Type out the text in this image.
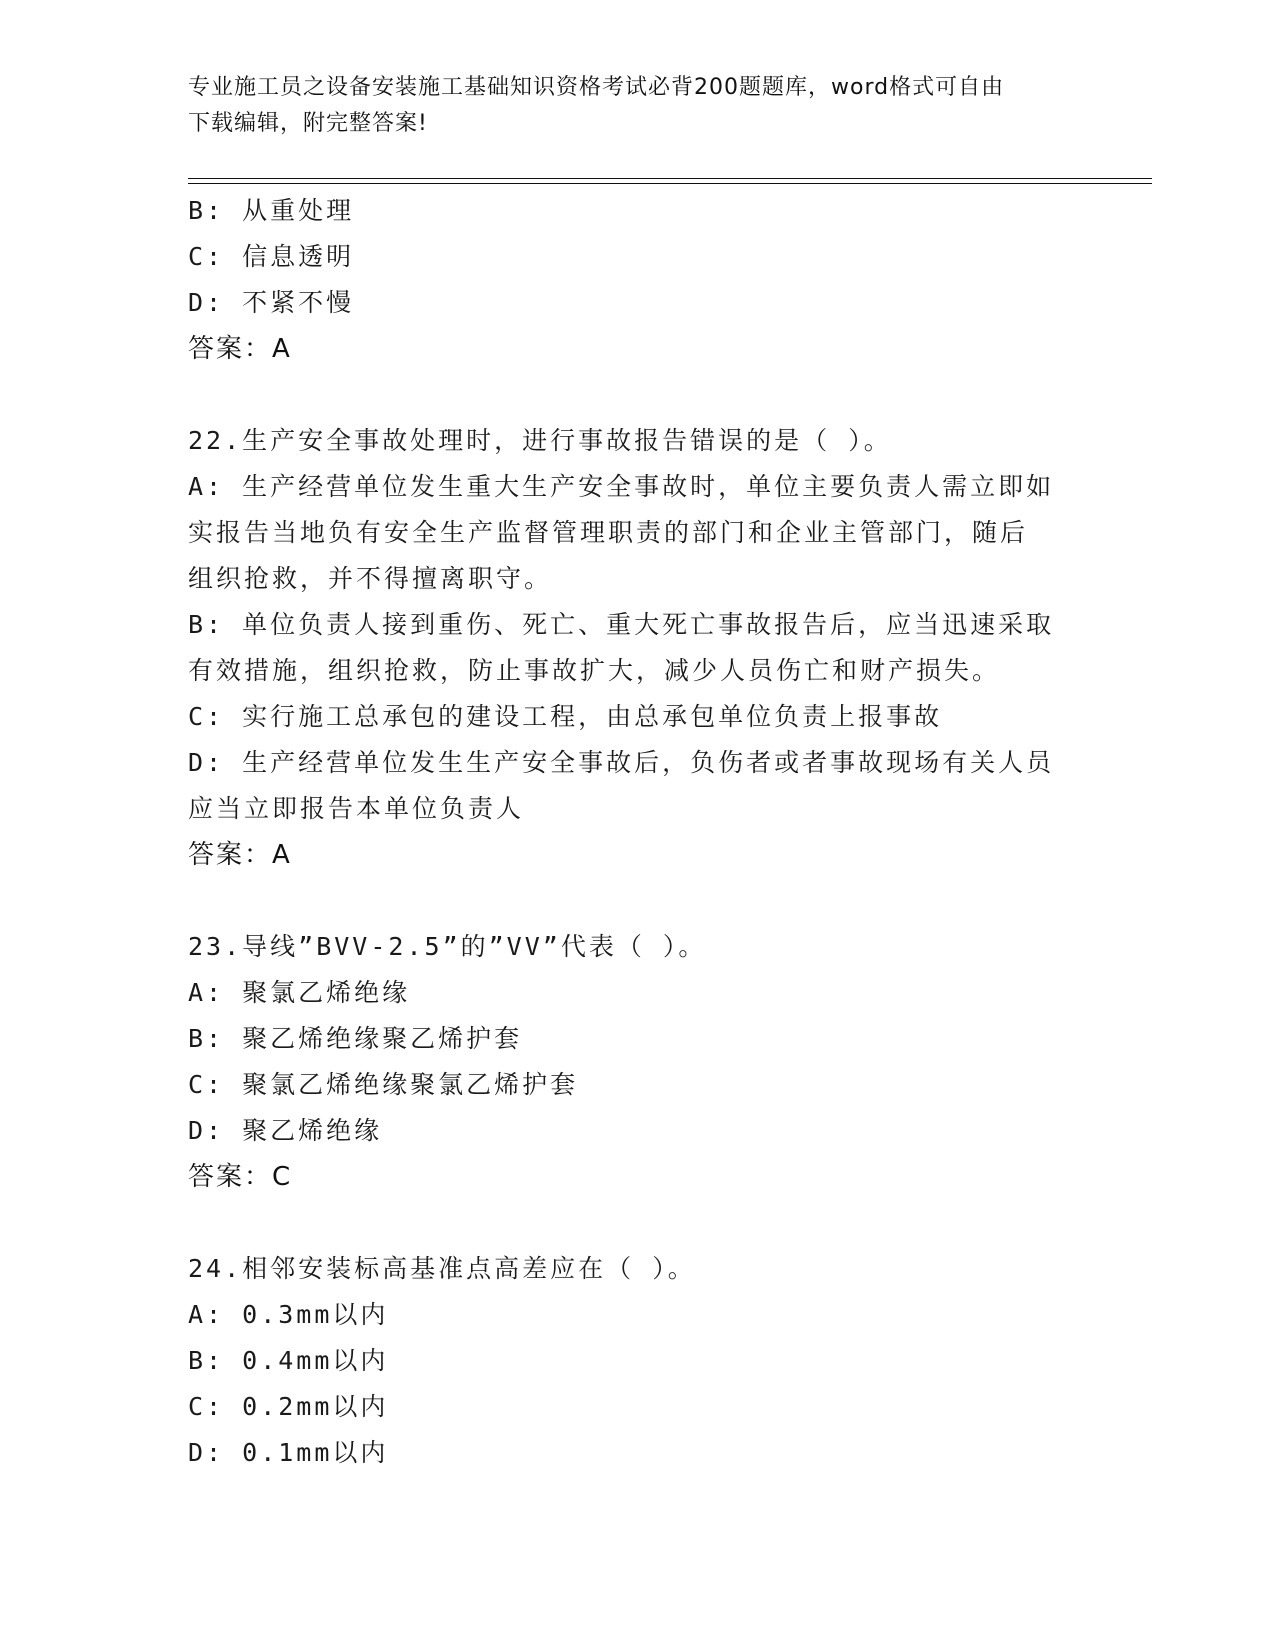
专业施工员之设备安装施工基础知识资格考试必背200题题库，word格式可自由
下载编辑，附完整答案!
B: 从重处理
C: 信息透明
D: 不紧不慢
答案：A
22.生产安全事故处理时，进行事故报告错误的是（ ）。
A: 生产经营单位发生重大生产安全事故时，单位主要负责人需立即如
实报告当地负有安全生产监督管理职责的部门和企业主管部门，随后
组织抢救，并不得擅离职守。
B: 单位负责人接到重伤、死亡、重大死亡事故报告后，应当迅速采取
有效措施，组织抢救，防止事故扩大，减少人员伤亡和财产损失。
C: 实行施工总承包的建设工程，由总承包单位负责上报事故
D: 生产经营单位发生生产安全事故后，负伤者或者事故现场有关人员
应当立即报告本单位负责人
答案：A
23.导线”BVV-2.5”的”VV”代表（ ）。
A: 聚氯乙烯绝缘
B: 聚乙烯绝缘聚乙烯护套
C: 聚氯乙烯绝缘聚氯乙烯护套
D: 聚乙烯绝缘
答案：C
24.相邻安装标高基准点高差应在（ ）。
A: 0.3mm以内
B: 0.4mm以内
C: 0.2mm以内
D: 0.1mm以内
